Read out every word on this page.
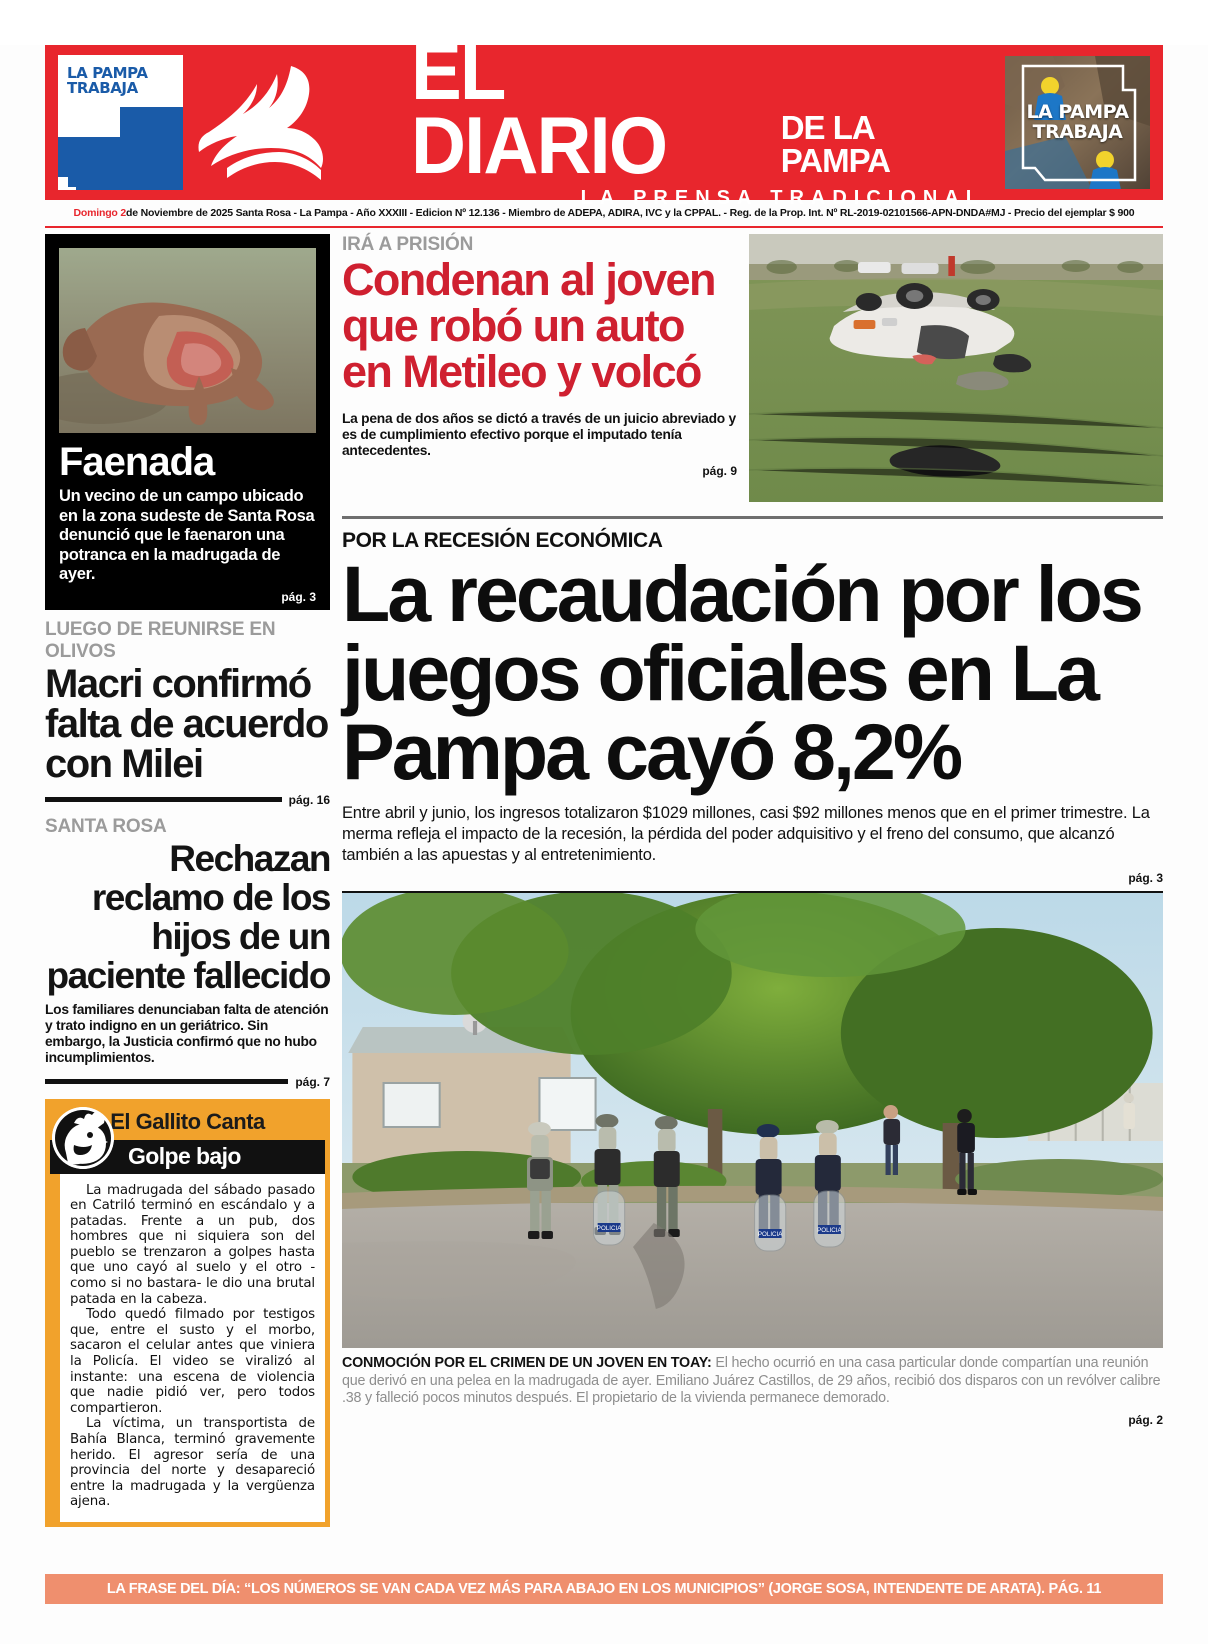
LA PAMPA
TRABAJA	EL DIARIO	DE LA PAMPA
LA PRENSA TRADICIONAL
LA PAMPA
TRABAJA
Domingo 2 de Noviembre de 2025 Santa Rosa - La Pampa - Año XXXIII - Edicion Nº 12.136 - Miembro de ADEPA, ADIRA, IVC y la CPPAL. - Reg. de la Prop. Int. Nº RL-2019-02101566-APN-DNDA#MJ - Precio del ejemplar $ 900
Faenada

Un vecino de un campo ubicado en la zona sudeste de Santa Rosa denunció que le faenaron una potranca en la madrugada de ayer.

pág. 3
LUEGO DE REUNIRSE EN OLIVOS
Macri confirmó falta de acuerdo con Milei
pág. 16
SANTA ROSA
Rechazan reclamo de los hijos de un paciente fallecido

Los familiares denunciaban falta de atención y trato indigno en un geriátrico. Sin embargo, la Justicia confirmó que no hubo incumplimientos.

pág. 7
El Gallito Canta
Golpe bajo

La madrugada del sábado pasado en Catriló terminó en escándalo y a patadas. Frente a un pub, dos hombres que ni siquiera son del pueblo se trenzaron a golpes hasta que uno cayó al suelo y el otro -como si no bastara- le dio una brutal patada en la cabeza.

Todo quedó filmado por testigos que, entre el susto y el morbo, sacaron el celular antes que viniera la Policía. El video se viralizó al instante: una escena de violencia que nadie pidió ver, pero todos compartieron.

La víctima, un transportista de Bahía Blanca, terminó gravemente herido. El agresor sería de una provincia del norte y desapareció entre la madrugada y la vergüenza ajena.

IRÁ A PRISIÓN
Condenan al joven que robó un auto en Metileo y volcó

La pena de dos años se dictó a través de un juicio abreviado y es de cumplimiento efectivo porque el imputado tenía antecedentes.

pág. 9
POR LA RECESIÓN ECONÓMICA
La recaudación por los juegos oficiales en La Pampa cayó 8,2%

Entre abril y junio, los ingresos totalizaron $1029 millones, casi $92 millones menos que en el primer trimestre. La merma refleja el impacto de la recesión, la pérdida del poder adquisitivo y el freno del consumo, que alcanzó también a las apuestas y al entretenimiento.

pág. 3
POLICIA
POLICIA
POLICIA

CONMOCIÓN POR EL CRIMEN DE UN JOVEN EN TOAY: El hecho ocurrió en una casa particular donde compartían una reunión que derivó en una pelea en la madrugada de ayer. Emiliano Juárez Castillos, de 29 años, recibió dos disparos con un revólver calibre .38 y falleció pocos minutos después. El propietario de la vivienda permanece demorado.

pág. 2
LA FRASE DEL DÍA: “LOS NÚMEROS SE VAN CADA VEZ MÁS PARA ABAJO EN LOS MUNICIPIOS” (JORGE SOSA, INTENDENTE DE ARATA). PÁG. 11
